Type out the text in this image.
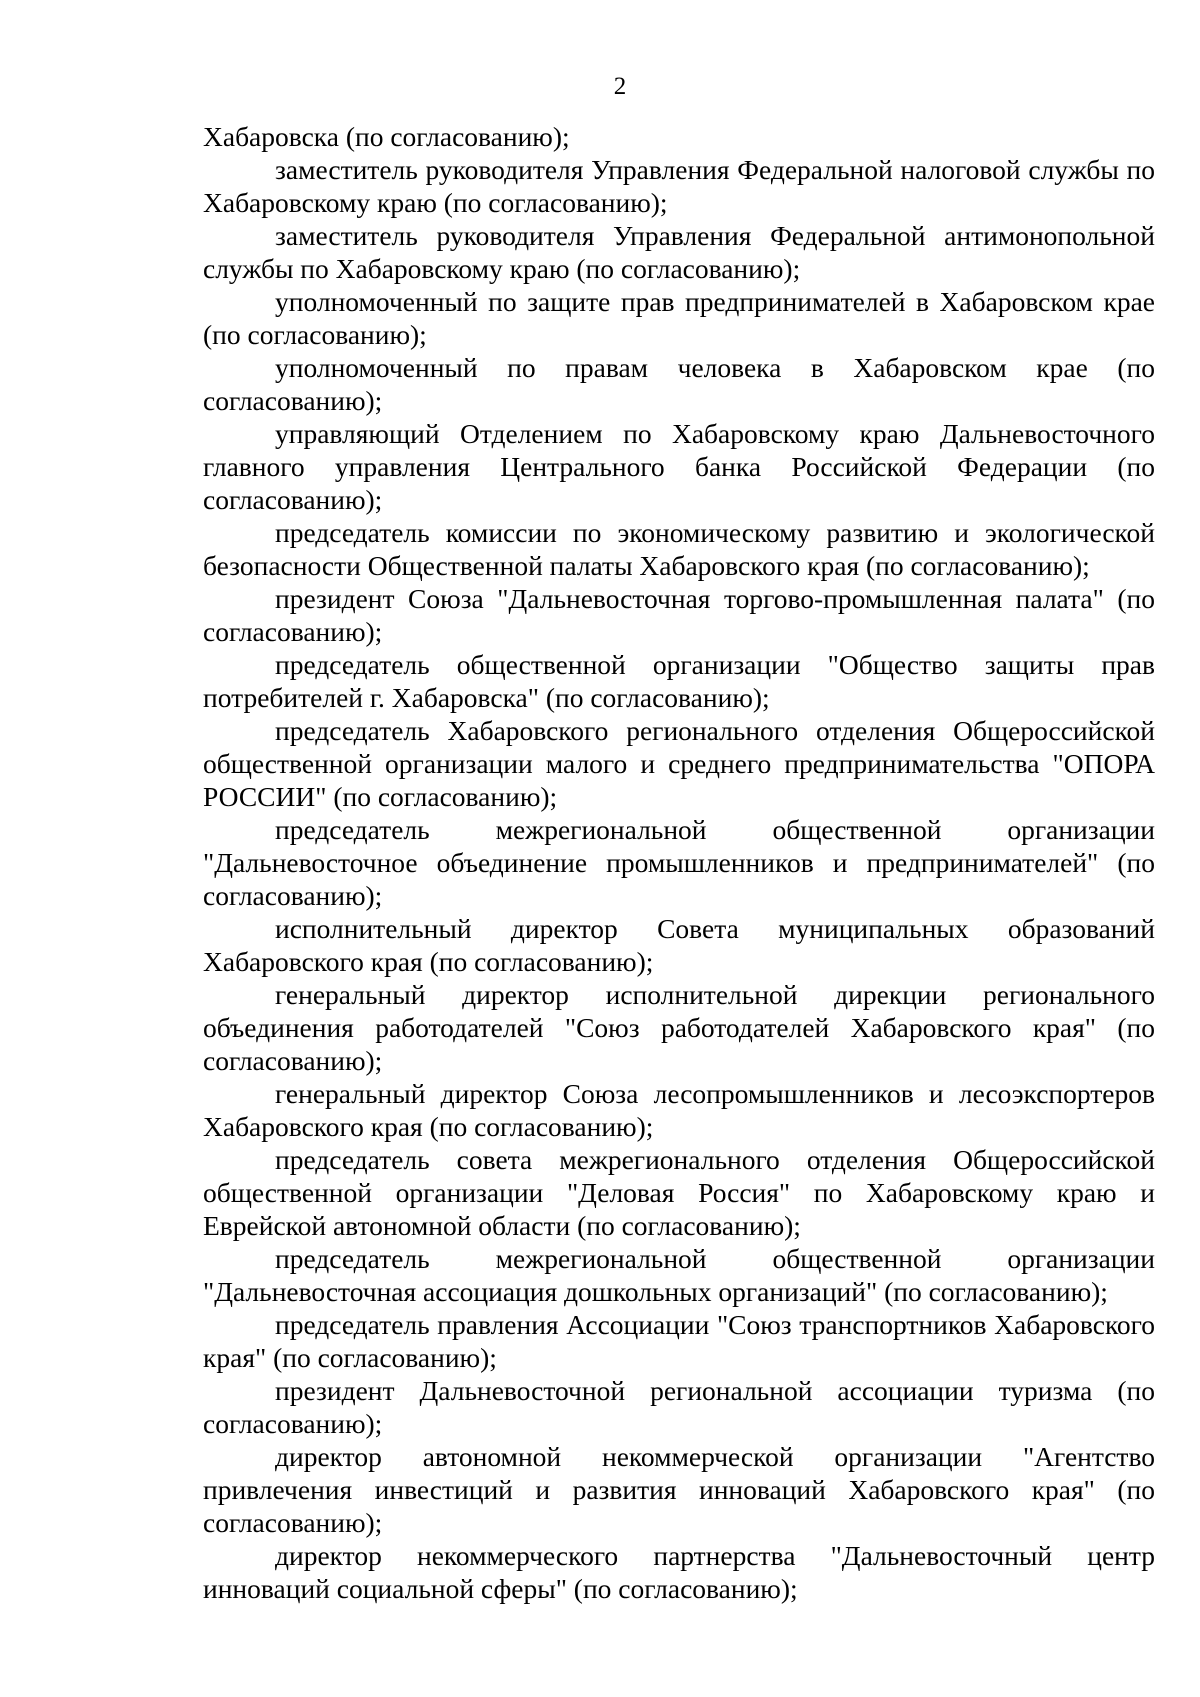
2

Хабаровска (по согласованию);

заместитель руководителя Управления Федеральной налоговой службы по Хабаровскому краю (по согласованию);

заместитель руководителя Управления Федеральной антимонопольной службы по Хабаровскому краю (по согласованию);

уполномоченный по защите прав предпринимателей в Хабаровском крае (по согласованию);

уполномоченный по правам человека в Хабаровском крае (по согласованию);

управляющий Отделением по Хабаровскому краю Дальневосточного главного управления Центрального банка Российской Федерации (по согласованию);

председатель комиссии по экономическому развитию и экологической безопасности Общественной палаты Хабаровского края (по согласованию);

президент Союза "Дальневосточная торгово-промышленная палата" (по согласованию);

председатель общественной организации "Общество защиты прав потребителей г. Хабаровска" (по согласованию);

председатель Хабаровского регионального отделения Общероссийской общественной организации малого и среднего предпринимательства "ОПОРА РОССИИ" (по согласованию);

председатель межрегиональной общественной организации "Дальневосточное объединение промышленников и предпринимателей" (по согласованию);

исполнительный директор Совета муниципальных образований Хабаровского края (по согласованию);

генеральный директор исполнительной дирекции регионального объединения работодателей "Союз работодателей Хабаровского края" (по согласованию);

генеральный директор Союза лесопромышленников и лесоэкспортеров Хабаровского края (по согласованию);

председатель совета межрегионального отделения Общероссийской общественной организации "Деловая Россия" по Хабаровскому краю и Еврейской автономной области (по согласованию);

председатель межрегиональной общественной организации "Дальневосточная ассоциация дошкольных организаций" (по согласованию);

председатель правления Ассоциации "Союз транспортников Хабаровского края" (по согласованию);

президент Дальневосточной региональной ассоциации туризма (по согласованию);

директор автономной некоммерческой организации "Агентство привлечения инвестиций и развития инноваций Хабаровского края" (по согласованию);

директор некоммерческого партнерства "Дальневосточный центр инноваций социальной сферы" (по согласованию);
